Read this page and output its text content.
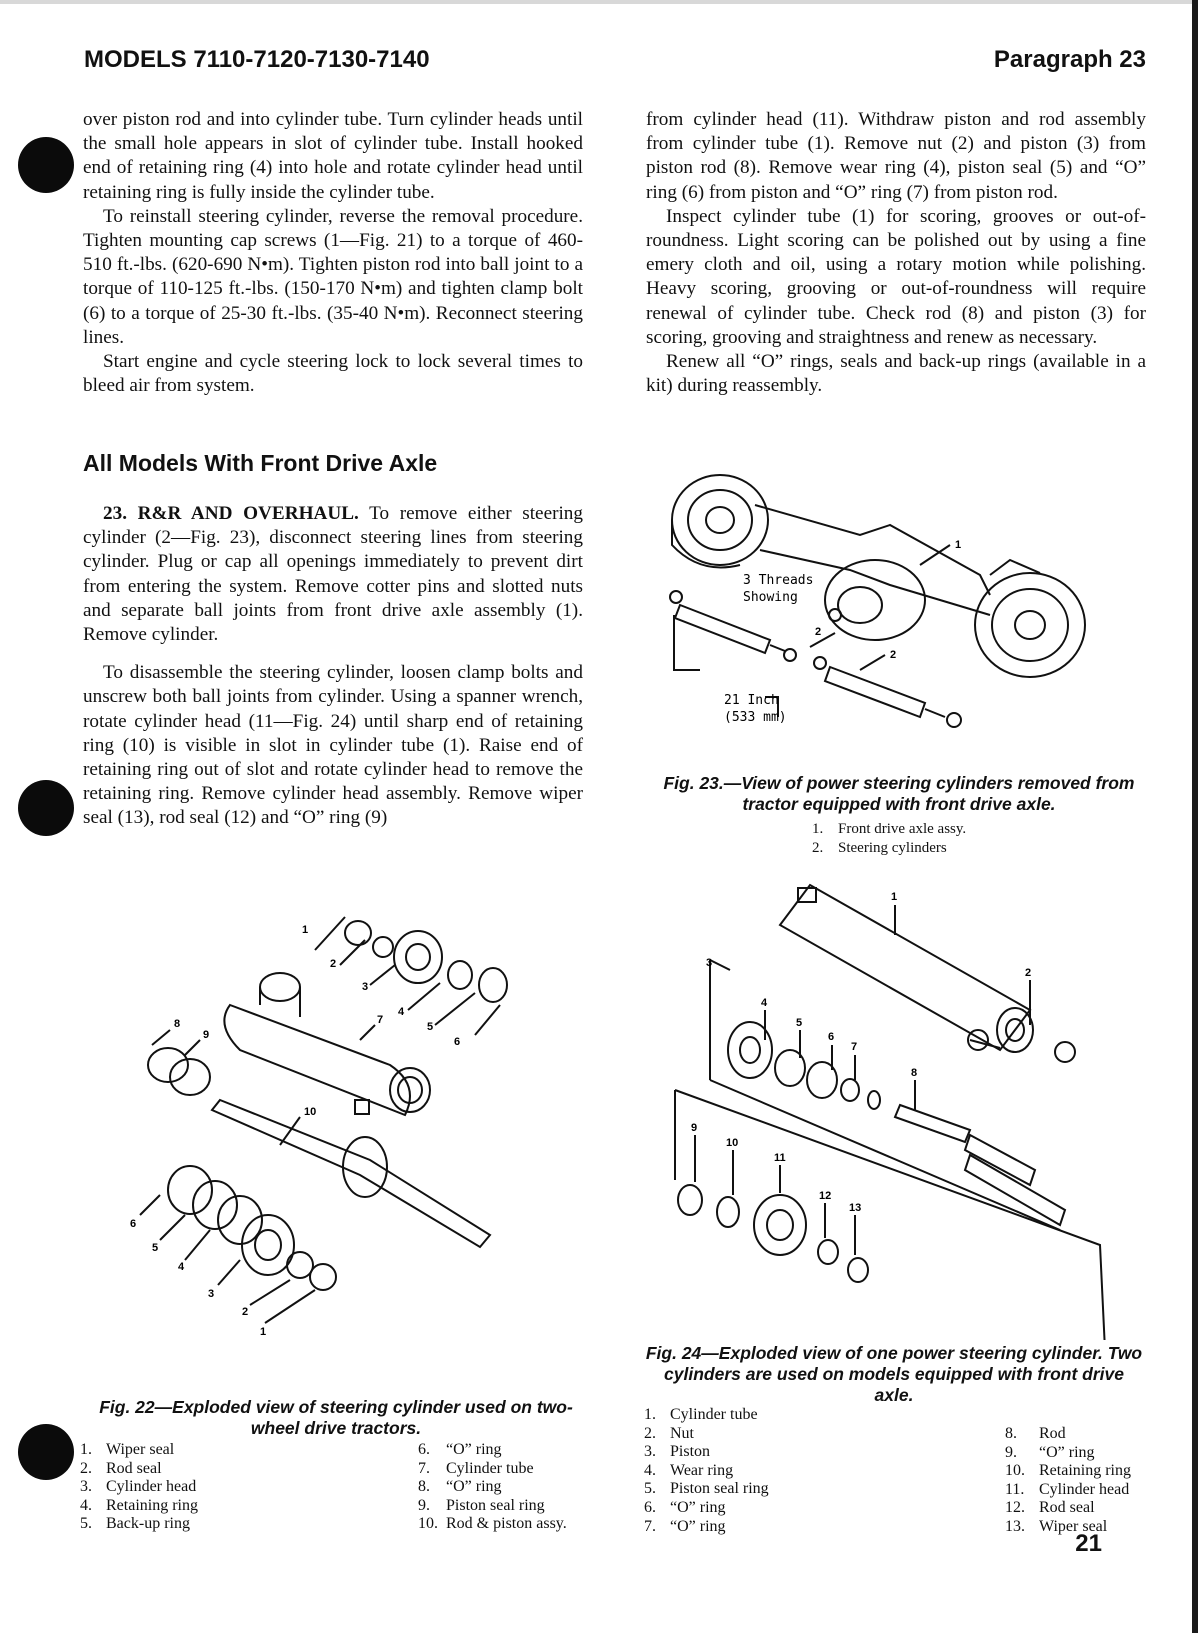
MODELS 7110-7120-7130-7140	Paragraph 23

over piston rod and into cylinder tube. Turn cylinder heads until the small hole appears in slot of cylinder tube. Install hooked end of retaining ring (4) into hole and rotate cylinder head until retaining ring is fully inside the cylinder tube.

To reinstall steering cylinder, reverse the removal procedure. Tighten mounting cap screws (1—Fig. 21) to a torque of 460-510 ft.-lbs. (620-690 N•m). Tighten piston rod into ball joint to a torque of 110-125 ft.-lbs. (150-170 N•m) and tighten clamp bolt (6) to a torque of 25-30 ft.-lbs. (35-40 N•m). Reconnect steering lines.

Start engine and cycle steering lock to lock several times to bleed air from system.

All Models With Front Drive Axle

23. R&R AND OVERHAUL. To remove either steering cylinder (2—Fig. 23), disconnect steering lines from steering cylinder. Plug or cap all openings immediately to prevent dirt from entering the system. Remove cotter pins and slotted nuts and separate ball joints from front drive axle assembly (1). Remove cylinder.

To disassemble the steering cylinder, loosen clamp bolts and unscrew both ball joints from cylinder. Using a spanner wrench, rotate cylinder head (11—Fig. 24) until sharp end of retaining ring (10) is visible in slot in cylinder tube (1). Raise end of retaining ring out of slot and rotate cylinder head to remove the retaining ring. Remove cylinder head assembly. Remove wiper seal (13), rod seal (12) and “O” ring (9)

from cylinder head (11). Withdraw piston and rod assembly from cylinder tube (1). Remove nut (2) and piston (3) from piston rod (8). Remove wear ring (4), piston seal (5) and “O” ring (6) from piston and “O” ring (7) from piston rod.

Inspect cylinder tube (1) for scoring, grooves or out-of-roundness. Light scoring can be polished out by using a fine emery cloth and oil, using a rotary motion while polishing. Heavy scoring, grooving or out-of-roundness will require renewal of cylinder tube. Check rod (8) and piston (3) for scoring, grooving and straightness and renew as necessary.

Renew all “O” rings, seals and back-up rings (available in a kit) during reassembly.

1
2
2
3 Threads
Showing
21 Inch
(533 mm)
Fig. 23.—View of power steering cylinders removed from tractor equipped with front drive axle.
1. Front drive axle assy.
2. Steering cylinders
1
2
3
4
5
6
7
8
9
10
6
5
4
3
2
1
Fig. 22—Exploded view of steering cylinder used on two-wheel drive tractors.
1. Wiper seal
2. Rod seal
3. Cylinder head
4. Retaining ring
5. Back-up ring
6. “O” ring
7. Cylinder tube
8. “O” ring
9. Piston seal ring
10. Rod & piston assy.
1
2
3
4
5
6
7
8
9
10
11
12
13
Fig. 24—Exploded view of one power steering cylinder. Two cylinders are used on models equipped with front drive axle.
1. Cylinder tube
2. Nut
3. Piston
4. Wear ring
5. Piston seal ring
6. “O” ring
7. “O” ring
8. Rod
9. “O” ring
10. Retaining ring
11. Cylinder head
12. Rod seal
13. Wiper seal
21
